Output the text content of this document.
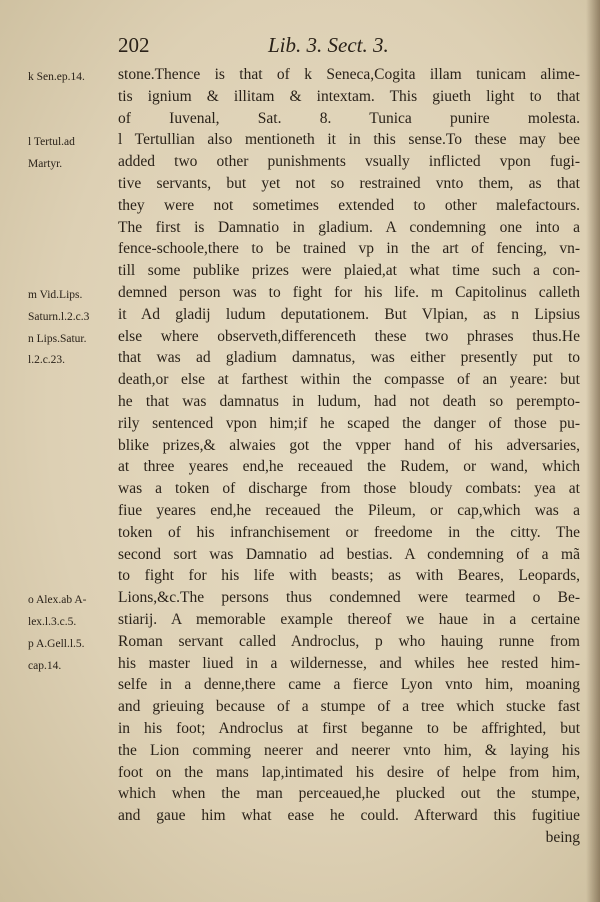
202	Lib. 3. Sect. 3.
k Sen.ep.14.
l Tertul.ad
Martyr.
m Vid.Lips.
Saturn.l.2.c.3
n Lips.Satur.
l.2.c.23.
o Alex.ab A-
lex.l.3.c.5.
p A.Gell.l.5.
cap.14.
stone.Thence is that of k Seneca,Cogita illam tunicam alime-
tis ignium & illitam & intextam. This giueth light to that
of Iuvenal, Sat. 8. Tunica punire molesta.
l Tertullian also mentioneth it in this sense.To these may bee
added two other punishments vsually inflicted vpon fugi-
tive servants, but yet not so restrained vnto them, as that
they were not sometimes extended to other malefactours.
The first is Damnatio in gladium. A condemning one into a
fence-schoole,there to be trained vp in the art of fencing, vn-
till some publike prizes were plaied,at what time such a con-
demned person was to fight for his life. m Capitolinus calleth
it Ad gladij ludum deputationem. But Vlpian, as n Lipsius
else where observeth,differenceth these two phrases thus.He
that was ad gladium damnatus, was either presently put to
death,or else at farthest within the compasse of an yeare: but
he that was damnatus in ludum, had not death so perempto-
rily sentenced vpon him;if he scaped the danger of those pu-
blike prizes,& alwaies got the vpper hand of his adversaries,
at three yeares end,he receaued the Rudem, or wand, which
was a token of discharge from those bloudy combats: yea at
fiue yeares end,he receaued the Pileum, or cap,which was a
token of his infranchisement or freedome in the citty. The
second sort was Damnatio ad bestias. A condemning of a mã
to fight for his life with beasts; as with Beares, Leopards,
Lions,&c.The persons thus condemned were tearmed o Be-
stiarij. A memorable example thereof we haue in a certaine
Roman servant called Androclus, p who hauing runne from
his master liued in a wildernesse, and whiles hee rested him-
selfe in a denne,there came a fierce Lyon vnto him, moaning
and grieuing because of a stumpe of a tree which stucke fast
in his foot; Androclus at first beganne to be affrighted, but
the Lion comming neerer and neerer vnto him, & laying his
foot on the mans lap,intimated his desire of helpe from him,
which when the man perceaued,he plucked out the stumpe,
and gaue him what ease he could. Afterward this fugitiue
being
